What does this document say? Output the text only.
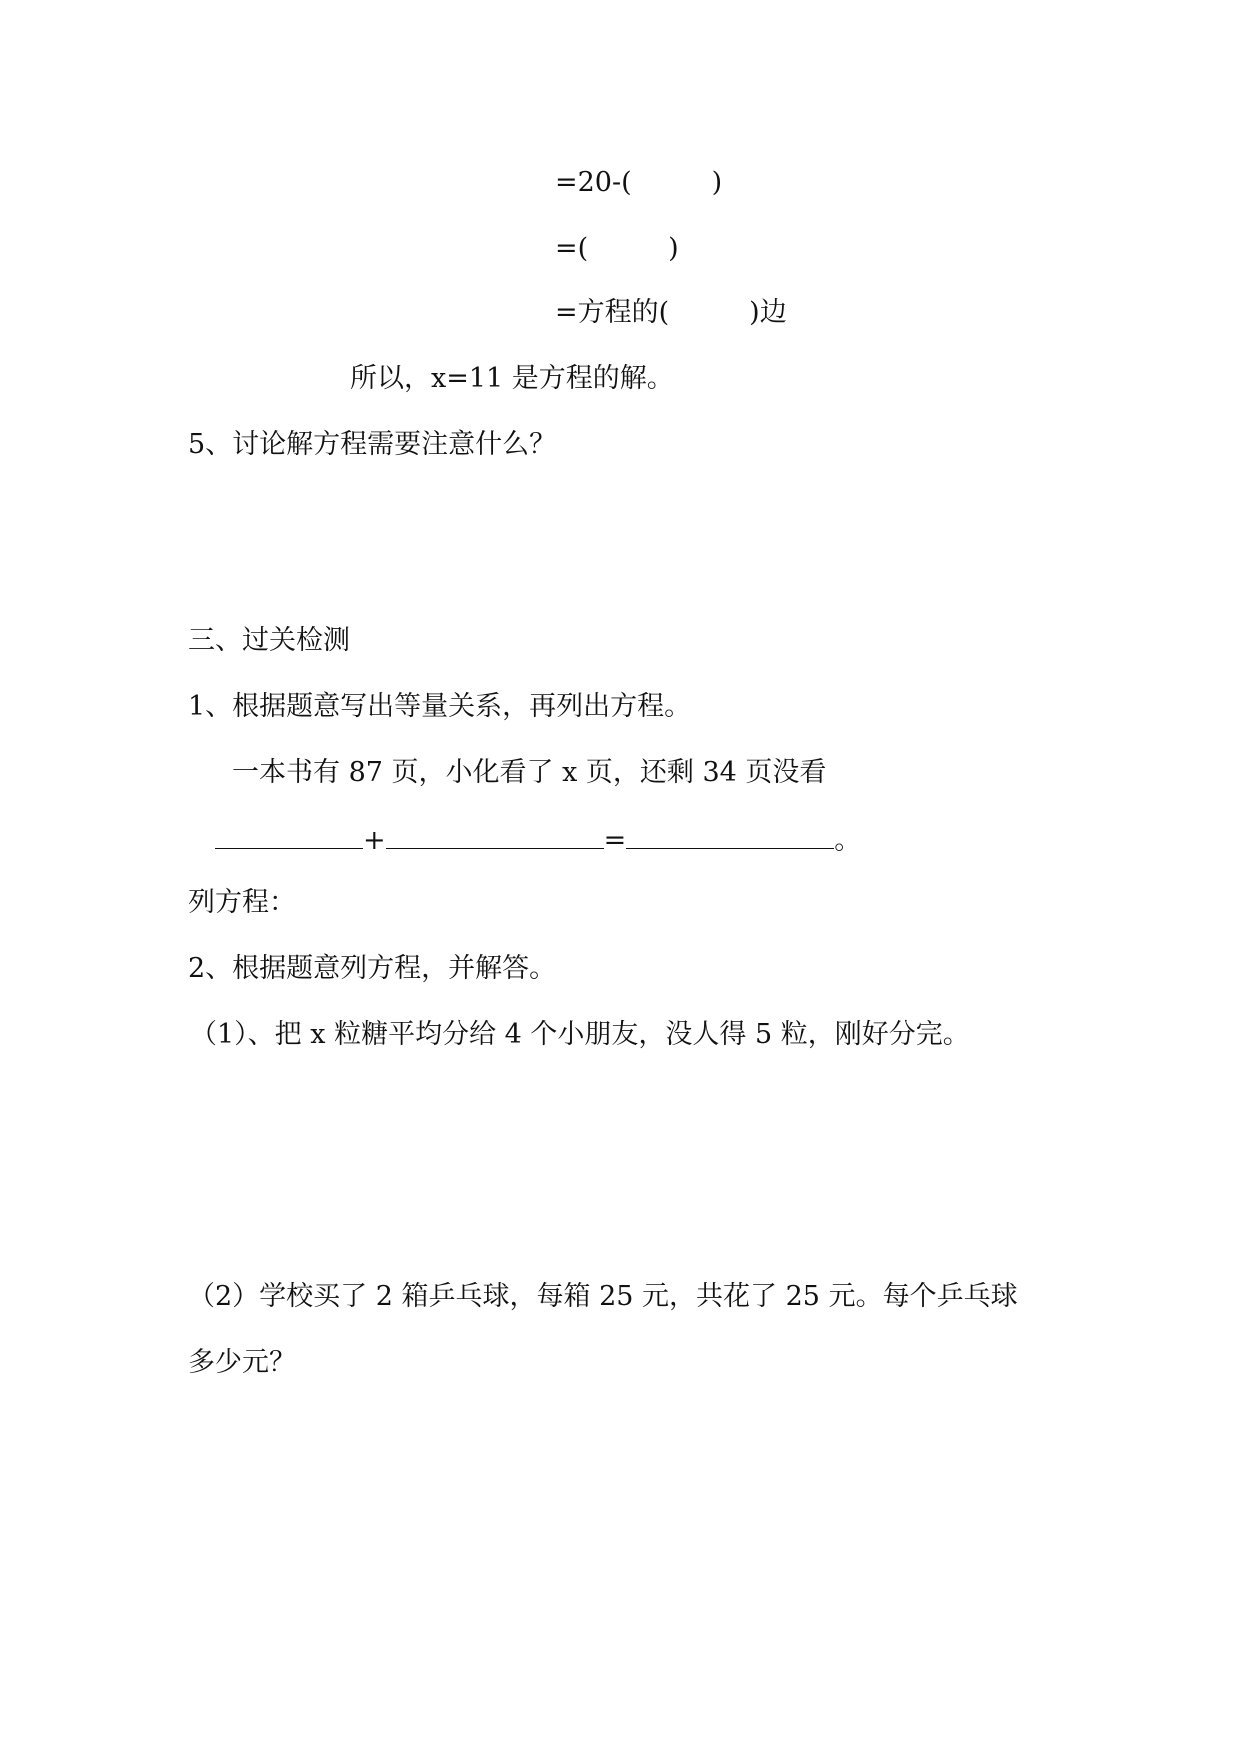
=20-(	)
=(	)
=方程的(	)边
所以，x=11 是方程的解。
5、讨论解方程需要注意什么？
三、过关检测
1、根据题意写出等量关系，再列出方程。
一本书有 87 页，小化看了 x 页，还剩 34 页没看
+	=	。
列方程：
2、根据题意列方程，并解答。
（1）、把 x 粒糖平均分给 4 个小朋友，没人得 5 粒，刚好分完。
（2）学校买了 2 箱乒乓球，每箱 25 元，共花了 25 元。每个乒乓球
多少元？
